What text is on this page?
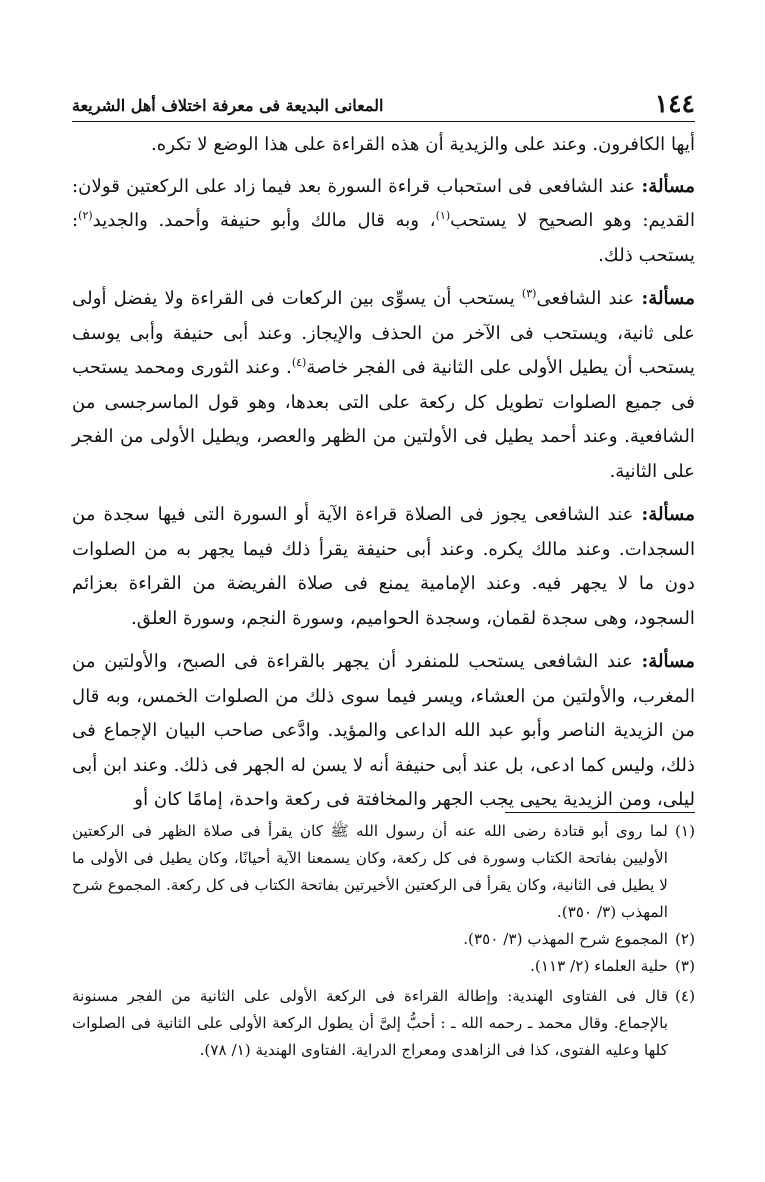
١٤٤
المعانى البديعة فى معرفة اختلاف أهل الشريعة

أيها الكافرون. وعند على والزيدية أن هذه القراءة على هذا الوضع لا تكره.

مسألة: عند الشافعى فى استحباب قراءة السورة بعد فيما زاد على الركعتين قولان: القديم: وهو الصحيح لا يستحب$^{(١)}$، وبه قال مالك وأبو حنيفة وأحمد. والجديد$^{(٢)}$: يستحب ذلك.

مسألة: عند الشافعى$^{(٣)}$ يستحب أن يسوِّى بين الركعات فى القراءة ولا يفضل أولى على ثانية، ويستحب فى الآخر من الحذف والإيجاز. وعند أبى حنيفة وأبى يوسف يستحب أن يطيل الأولى على الثانية فى الفجر خاصة$^{(٤)}$. وعند الثورى ومحمد يستحب فى جميع الصلوات تطويل كل ركعة على التى بعدها، وهو قول الماسرجسى من الشافعية. وعند أحمد يطيل فى الأولتين من الظهر والعصر، ويطيل الأولى من الفجر على الثانية.

مسألة: عند الشافعى يجوز فى الصلاة قراءة الآية أو السورة التى فيها سجدة من السجدات. وعند مالك يكره. وعند أبى حنيفة يقرأ ذلك فيما يجهر به من الصلوات دون ما لا يجهر فيه. وعند الإمامية يمنع فى صلاة الفريضة من القراءة بعزائم السجود، وهى سجدة لقمان، وسجدة الحواميم، وسورة النجم، وسورة العلق.

مسألة: عند الشافعى يستحب للمنفرد أن يجهر بالقراءة فى الصبح، والأولتين من المغرب، والأولتين من العشاء، ويسر فيما سوى ذلك من الصلوات الخمس، وبه قال من الزيدية الناصر وأبو عبد الله الداعى والمؤيد. وادَّعى صاحب البيان الإجماع فى ذلك، وليس كما ادعى، بل عند أبى حنيفة أنه لا يسن له الجهر فى ذلك. وعند ابن أبى ليلى، ومن الزيدية يحيى يجب الجهر والمخافتة فى ركعة واحدة، إمامًا كان أو

(١)
لما روى أبو قتادة رضى الله عنه أن رسول الله ﷺ كان يقرأ فى صلاة الظهر فى الركعتين الأوليين بفاتحة الكتاب وسورة فى كل ركعة، وكان يسمعنا الآية أحيانًا، وكان يطيل فى الأولى ما لا يطيل فى الثانية، وكان يقرأ فى الركعتين الأخيرتين بفاتحة الكتاب فى كل ركعة. المجموع شرح المهذب (٣/ ٣٥٠).
(٢)
المجموع شرح المهذب (٣/ ٣٥٠).
(٣)
حلية العلماء (٢/ ١١٣).
(٤)
قال فى الفتاوى الهندية: وإطالة القراءة فى الركعة الأولى على الثانية من الفجر مسنونة بالإجماع. وقال محمد ـ رحمه الله ـ : أحبُّ إلىَّ أن يطول الركعة الأولى على الثانية فى الصلوات كلها وعليه الفتوى، كذا فى الزاهدى ومعراج الدراية. الفتاوى الهندية (١/ ٧٨).
